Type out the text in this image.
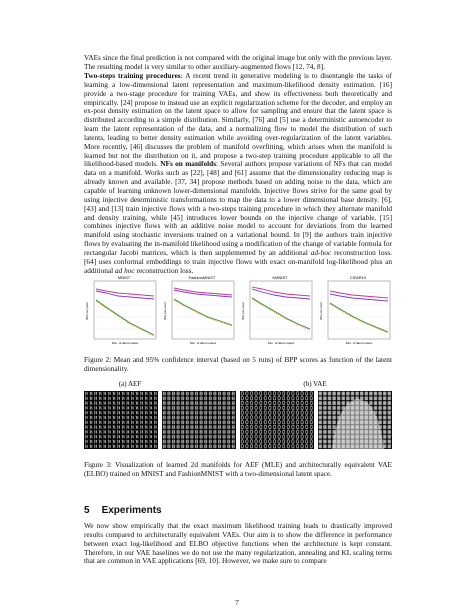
VAEs since the final prediction is not compared with the original image but only with the previous layer. The resulting model is very similar to other auxiliary-augmented flows [12, 74, 8].

Two-steps training procedures: A recent trend in generative modeling is to disentangle the tasks of learning a low-dimensional latent representation and maximum-likelihood density estimation. [16] provide a two-stage procedure for training VAEs, and show its effectiveness both theoretically and empirically. [24] propose to instead use an explicit regularization scheme for the decoder, and employ an ex-post density estimation on the latent space to allow for sampling and ensure that the latent space is distributed according to a simple distribution. Similarly, [76] and [5] use a deterministic autoencoder to learn the latent representation of the data, and a normalizing flow to model the distribution of such latents, leading to better density estimation while avoiding over-regularization of the latent variables. More recently, [46] discusses the problem of manifold overfitting, which arises when the manifold is learned but not the distribution on it, and propose a two-step training procedure applicable to all the likelihood-based models. NFs on manifolds: Several authors propose variations of NFs that can model data on a manifold. Works such as [22], [48] and [61] assume that the dimensionality reducing map is already known and available. [37, 34] propose methods based on adding noise to the data, which are capable of learning unknown lower-dimensional manifolds. Injective flows strive for the same goal by using injective deterministic transformations to map the data to a lower dimensional base density. [6], [43] and [13] train injective flows with a two-steps training procedure in which they alternate manifold and density training, while [45] introduces lower bounds on the injective change of variable. [15] combines injective flows with an additive noise model to account for deviations from the learned manifold using stochastic inversions trained on a variational bound. In [9] the authors train injective flows by evaluating the in-manifold likelihood using a modification of the change of variable formula for rectangular Jacobi matrices, which is then supplemented by an additional ad-hoc reconstruction loss. [64] uses conformal embeddings to train injective flows with exact on-manifold log-likelihood plus an additional ad hoc reconstruction loss.

MNIST
Bits per pixel
Dim. of latent space
FashionMNIST
Bits per pixel
Dim. of latent space
KMNIST
Bits per pixel
Dim. of latent space
CIFAR10
Bits per pixel
Dim. of latent space

Figure 2: Mean and 95% confidence interval (based on 5 runs) of BPP scores as function of the latent dimensionality.

(a) AEF	(b) VAE

Figure 3: Visualization of learned 2d manifolds for AEF (MLE) and architecturally equivalent VAE (ELBO) trained on MNIST and FashionMNIST with a two-dimensional latent space.

5 Experiments

We now show empirically that the exact maximum likelihood training leads to drastically improved results compared to architecturally equivalent VAEs. Our aim is to show the difference in performance between exact log-likelihood and ELBO objective functions when the architecture is kept constant. Therefore, in our VAE baselines we do not use the many regularization, annealing and KL scaling terms that are common in VAE applications [69, 10]. However, we make sure to compare

7
